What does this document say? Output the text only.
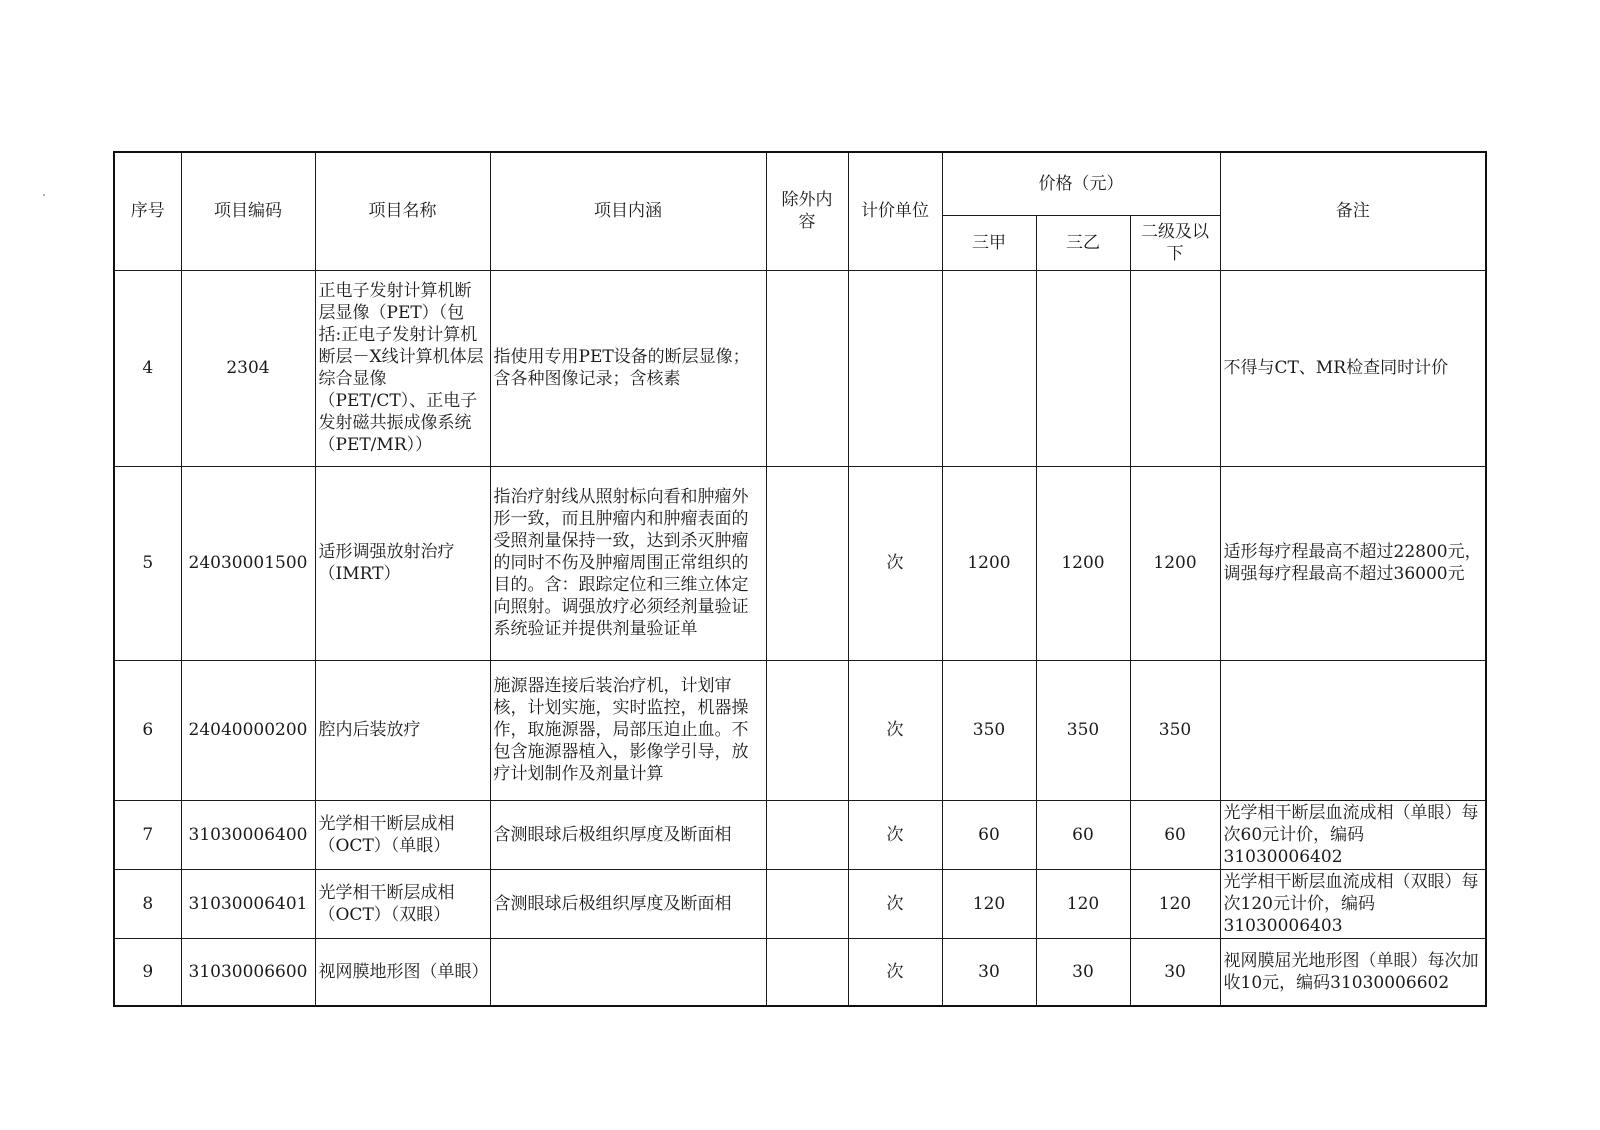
序号	项目编码	项目名称	项目内涵	除外内容	计价单位	价格（元）			备注
						三甲	三乙	二级及以下	
4	2304	正电子发射计算机断层显像（PET）（包括:正电子发射计算机断层－X线计算机体层综合显像（PET/CT）、正电子发射磁共振成像系统（PET/MR））	指使用专用PET设备的断层显像；含各种图像记录；含核素						不得与CT、MR检查同时计价
5	24030001500	适形调强放射治疗（IMRT）	指治疗射线从照射标向看和肿瘤外形一致，而且肿瘤内和肿瘤表面的受照剂量保持一致，达到杀灭肿瘤的同时不伤及肿瘤周围正常组织的目的。含：跟踪定位和三维立体定向照射。调强放疗必须经剂量验证系统验证并提供剂量验证单		次	1200	1200	1200	适形每疗程最高不超过22800元，调强每疗程最高不超过36000元
6	24040000200	腔内后装放疗	施源器连接后装治疗机，计划审核，计划实施，实时监控，机器操作，取施源器，局部压迫止血。不包含施源器植入，影像学引导，放疗计划制作及剂量计算		次	350	350	350	
7	31030006400	光学相干断层成相（OCT）（单眼）	含测眼球后极组织厚度及断面相		次	60	60	60	光学相干断层血流成相（单眼）每次60元计价，编码31030006402
8	31030006401	光学相干断层成相（OCT）（双眼）	含测眼球后极组织厚度及断面相		次	120	120	120	光学相干断层血流成相（双眼）每次120元计价，编码31030006403
9	31030006600	视网膜地形图（单眼）			次	30	30	30	视网膜屈光地形图（单眼）每次加收10元，编码31030006602
